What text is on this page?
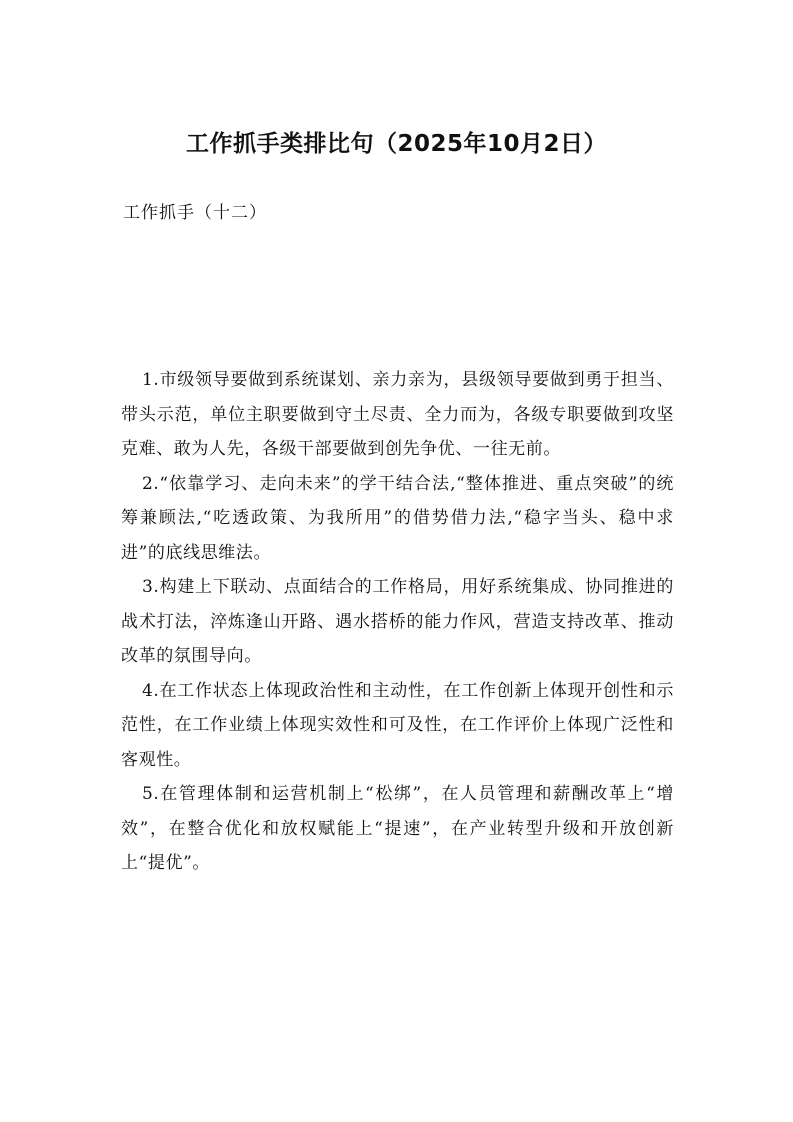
工作抓手类排比句（2025年10月2日）

工作抓手（十二）

1.市级领导要做到系统谋划、亲力亲为，县级领导要做到勇于担当、带头示范，单位主职要做到守土尽责、全力而为，各级专职要做到攻坚克难、敢为人先，各级干部要做到创先争优、一往无前。

2.“依靠学习、走向未来”的学干结合法,“整体推进、重点突破”的统筹兼顾法,“吃透政策、为我所用”的借势借力法,“稳字当头、稳中求进”的底线思维法。

3.构建上下联动、点面结合的工作格局，用好系统集成、协同推进的战术打法，淬炼逢山开路、遇水搭桥的能力作风，营造支持改革、推动改革的氛围导向。

4.在工作状态上体现政治性和主动性，在工作创新上体现开创性和示范性，在工作业绩上体现实效性和可及性，在工作评价上体现广泛性和客观性。

5.在管理体制和运营机制上“松绑”，在人员管理和薪酬改革上“增效”，在整合优化和放权赋能上“提速”，在产业转型升级和开放创新上“提优”。
